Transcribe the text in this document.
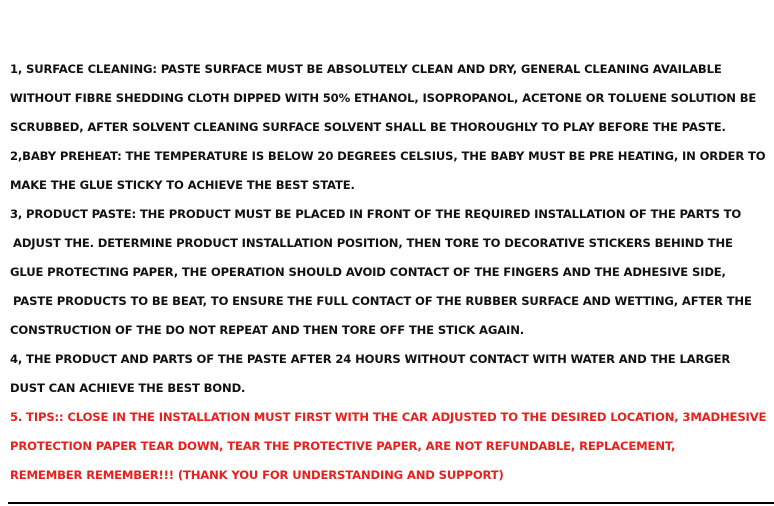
1, SURFACE CLEANING: PASTE SURFACE MUST BE ABSOLUTELY CLEAN AND DRY, GENERAL CLEANING AVAILABLE
WITHOUT FIBRE SHEDDING CLOTH DIPPED WITH 50% ETHANOL, ISOPROPANOL, ACETONE OR TOLUENE SOLUTION BE
SCRUBBED, AFTER SOLVENT CLEANING SURFACE SOLVENT SHALL BE THOROUGHLY TO PLAY BEFORE THE PASTE.
2,BABY PREHEAT: THE TEMPERATURE IS BELOW 20 DEGREES CELSIUS, THE BABY MUST BE PRE HEATING, IN ORDER TO
MAKE THE GLUE STICKY TO ACHIEVE THE BEST STATE.
3, PRODUCT PASTE: THE PRODUCT MUST BE PLACED IN FRONT OF THE REQUIRED INSTALLATION OF THE PARTS TO
ADJUST THE. DETERMINE PRODUCT INSTALLATION POSITION, THEN TORE TO DECORATIVE STICKERS BEHIND THE
GLUE PROTECTING PAPER, THE OPERATION SHOULD AVOID CONTACT OF THE FINGERS AND THE ADHESIVE SIDE,
PASTE PRODUCTS TO BE BEAT, TO ENSURE THE FULL CONTACT OF THE RUBBER SURFACE AND WETTING, AFTER THE
CONSTRUCTION OF THE DO NOT REPEAT AND THEN TORE OFF THE STICK AGAIN.
4, THE PRODUCT AND PARTS OF THE PASTE AFTER 24 HOURS WITHOUT CONTACT WITH WATER AND THE LARGER
DUST CAN ACHIEVE THE BEST BOND.
5. TIPS:: CLOSE IN THE INSTALLATION MUST FIRST WITH THE CAR ADJUSTED TO THE DESIRED LOCATION, 3MADHESIVE
PROTECTION PAPER TEAR DOWN, TEAR THE PROTECTIVE PAPER, ARE NOT REFUNDABLE, REPLACEMENT,
REMEMBER REMEMBER!!! (THANK YOU FOR UNDERSTANDING AND SUPPORT)
